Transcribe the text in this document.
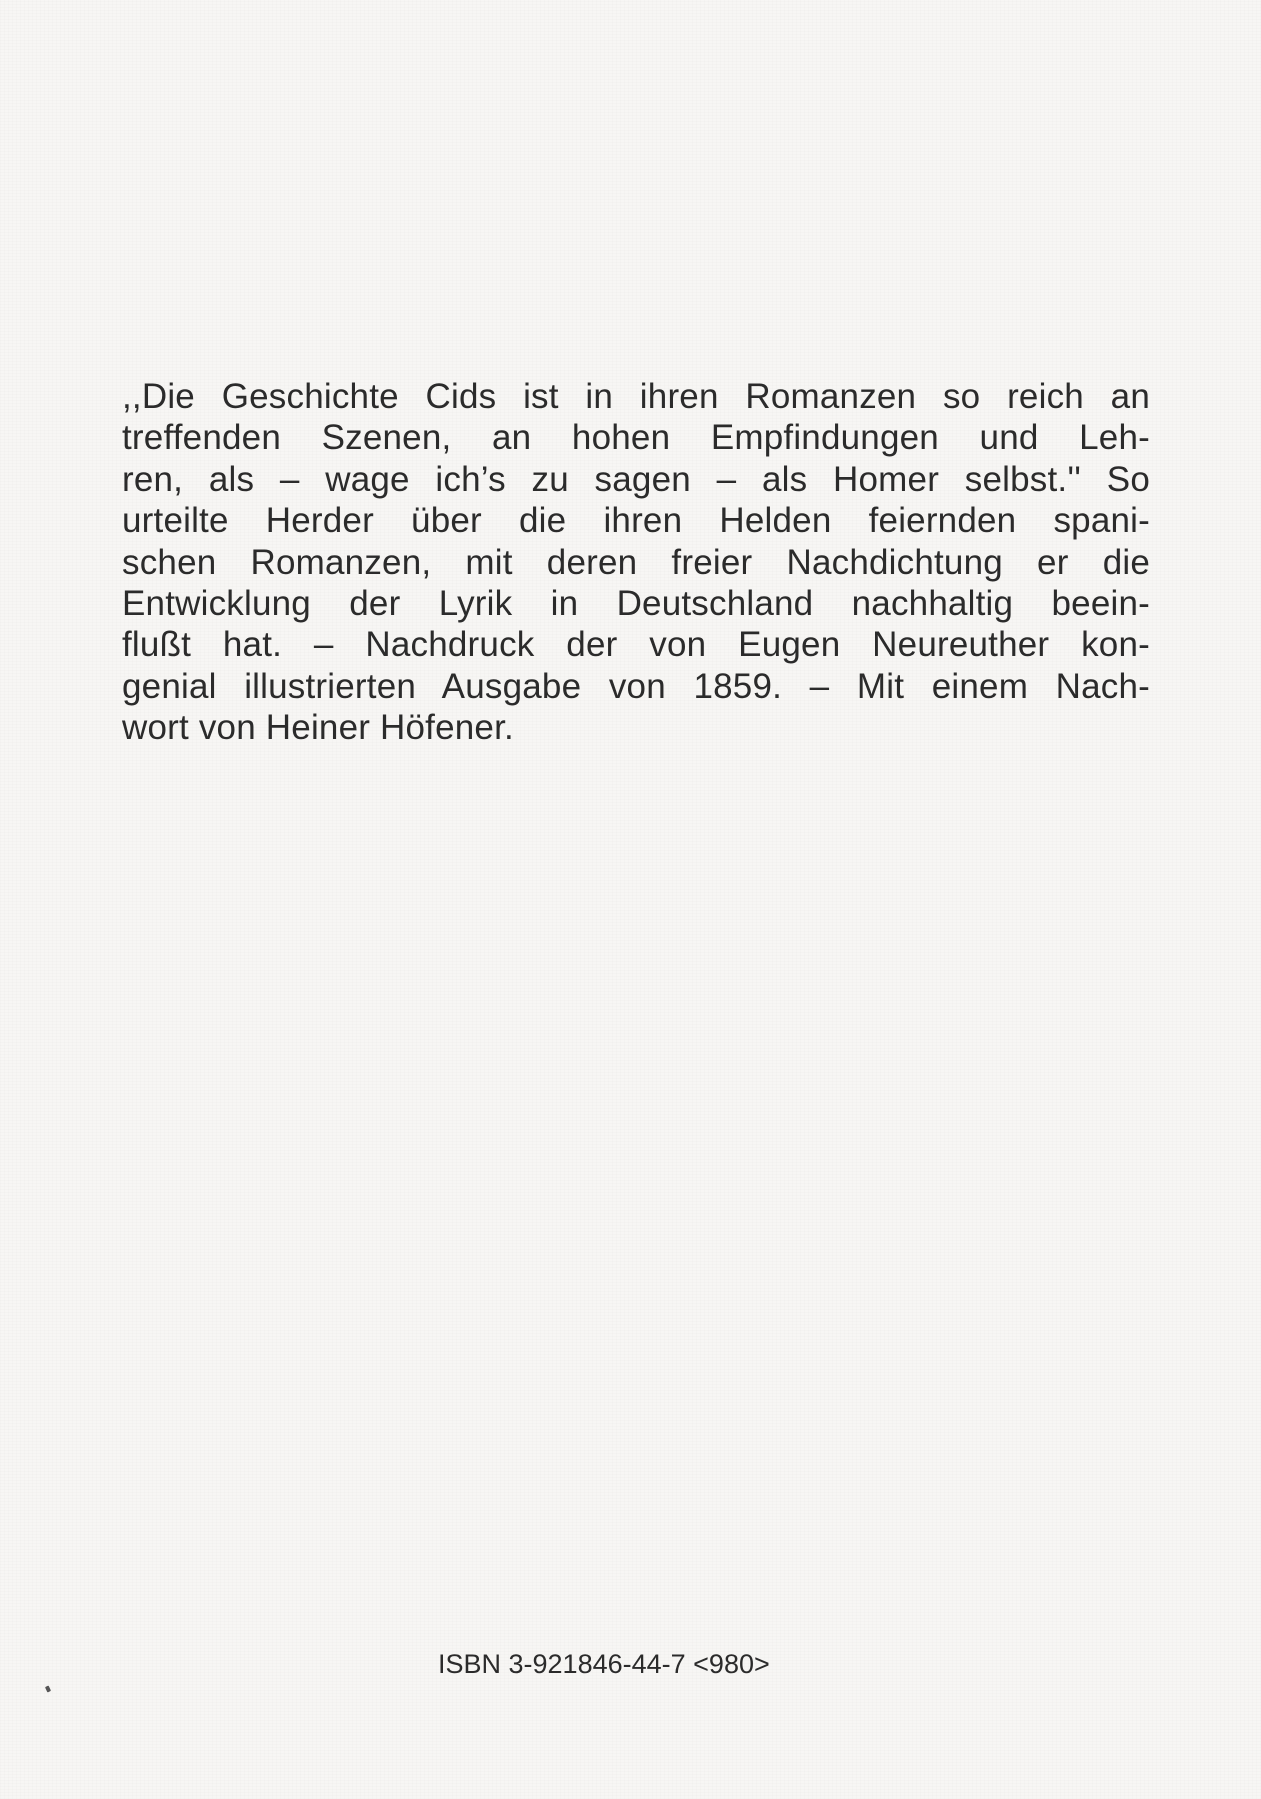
,,Die Geschichte Cids ist in ihren Romanzen so reich an
treffenden Szenen, an hohen Empfindungen und Leh-
ren, als – wage ich’s zu sagen – als Homer selbst.'' So
urteilte Herder über die ihren Helden feiernden spani-
schen Romanzen, mit deren freier Nachdichtung er die
Entwicklung der Lyrik in Deutschland nachhaltig beein-
flußt hat. – Nachdruck der von Eugen Neureuther kon-
genial illustrierten Ausgabe von 1859. – Mit einem Nach-
wort von Heiner Höfener.
ISBN 3-921846-44-7 <980>
